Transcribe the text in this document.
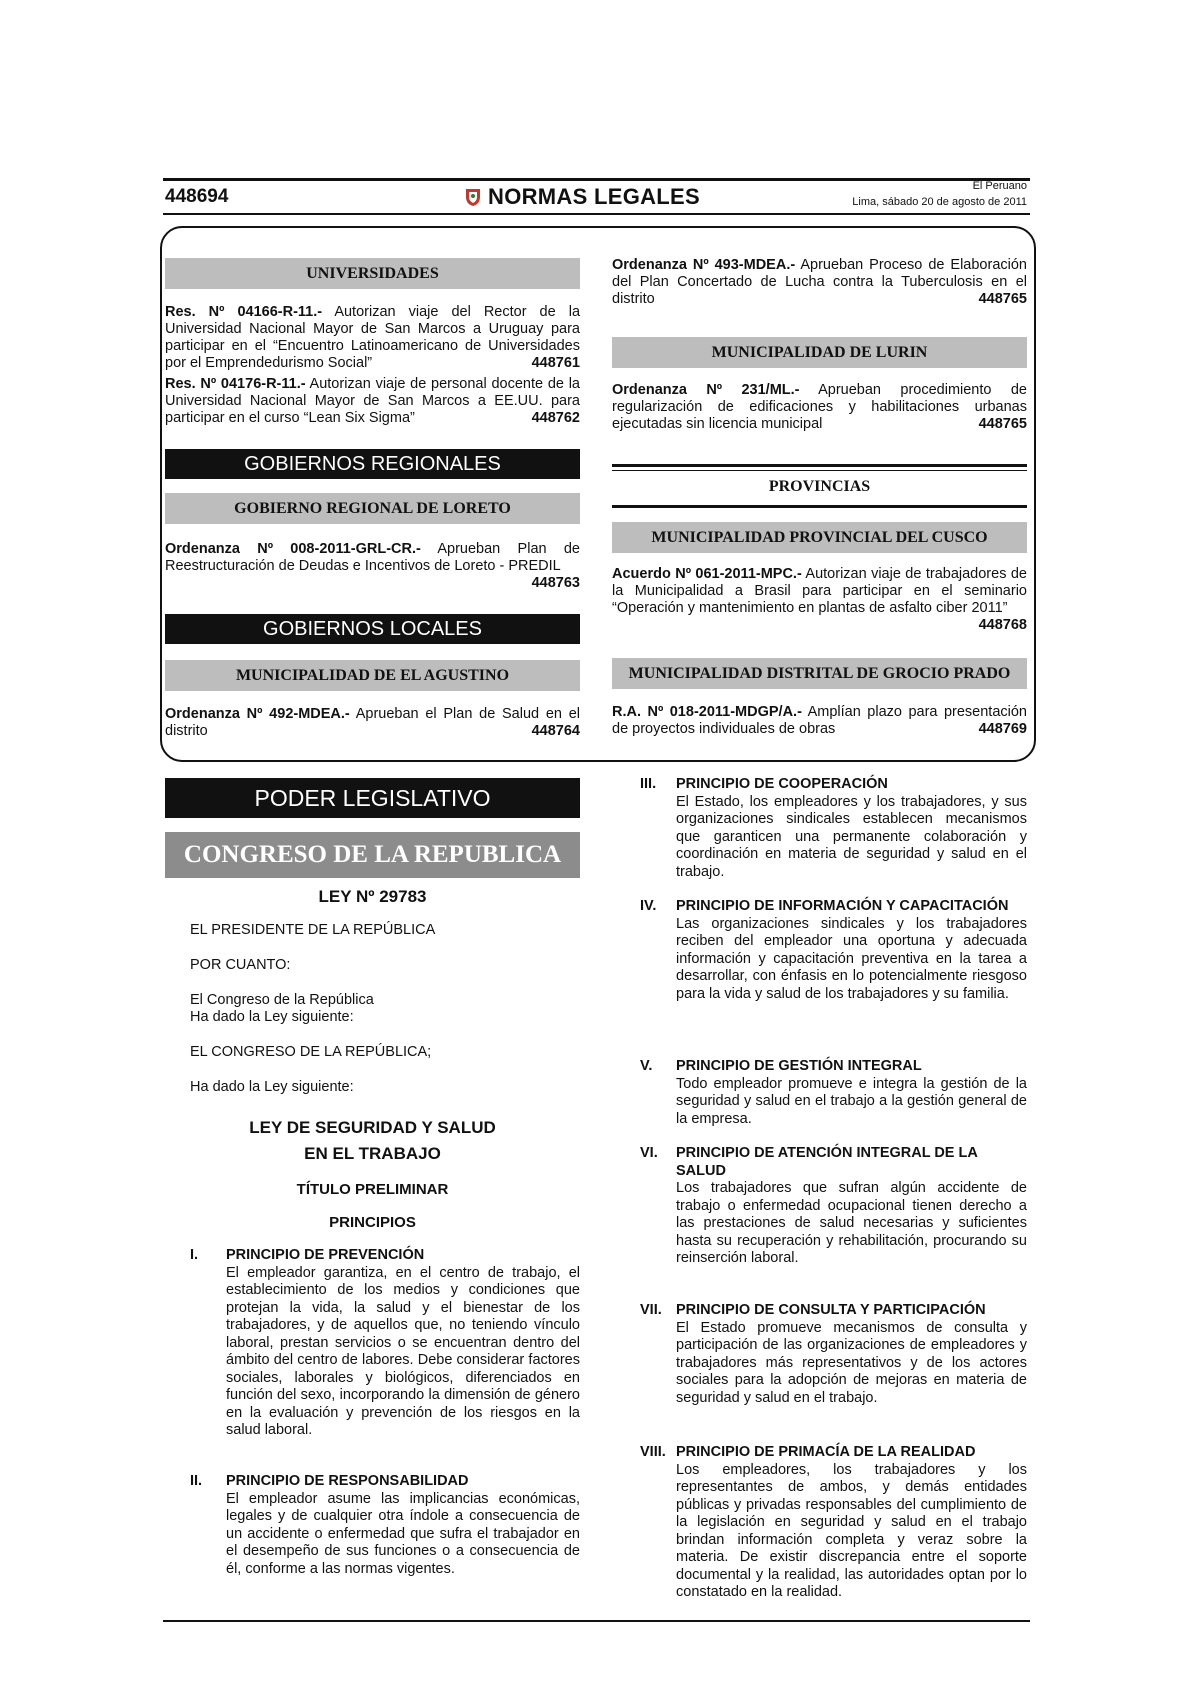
448694	NORMAS LEGALES	El Peruano
Lima, sábado 20 de agosto de 2011
UNIVERSIDADES
Res. Nº 04166-R-11.- Autorizan viaje del Rector de la Universidad Nacional Mayor de San Marcos a Uruguay para participar en el “Encuentro Latinoamericano de Universidades por el Emprendedurismo Social”	448761
Res. Nº 04176-R-11.- Autorizan viaje de personal docente de la Universidad Nacional Mayor de San Marcos a EE.UU. para participar en el curso “Lean Six Sigma”	448762
GOBIERNOS REGIONALES
GOBIERNO REGIONAL DE LORETO
Ordenanza Nº 008-2011-GRL-CR.- Aprueban Plan de Reestructuración de Deudas e Incentivos de Loreto - PREDIL
448763
GOBIERNOS LOCALES
MUNICIPALIDAD DE EL AGUSTINO
Ordenanza Nº 492-MDEA.- Aprueban el Plan de Salud en el distrito	448764
Ordenanza Nº 493-MDEA.- Aprueban Proceso de Elaboración del Plan Concertado de Lucha contra la Tuberculosis en el distrito	448765
MUNICIPALIDAD DE LURIN
Ordenanza Nº 231/ML.- Aprueban procedimiento de regularización de edificaciones y habilitaciones urbanas ejecutadas sin licencia municipal	448765
PROVINCIAS
MUNICIPALIDAD PROVINCIAL DEL CUSCO
Acuerdo Nº 061-2011-MPC.- Autorizan viaje de trabajadores de la Municipalidad a Brasil para participar en el seminario “Operación y mantenimiento en plantas de asfalto ciber 2011”
448768
MUNICIPALIDAD DISTRITAL DE GROCIO PRADO
R.A. Nº 018-2011-MDGP/A.- Amplían plazo para presentación de proyectos individuales de obras	448769
PODER LEGISLATIVO
CONGRESO DE LA REPUBLICA
LEY Nº 29783
EL PRESIDENTE DE LA REPÚBLICA
POR CUANTO:
El Congreso de la República
Ha dado la Ley siguiente:
EL CONGRESO DE LA REPÚBLICA;
Ha dado la Ley siguiente:
LEY DE SEGURIDAD Y SALUD
EN EL TRABAJO
TÍTULO PRELIMINAR
PRINCIPIOS
I. PRINCIPIO DE PREVENCIÓN
El empleador garantiza, en el centro de trabajo, el establecimiento de los medios y condiciones que protejan la vida, la salud y el bienestar de los trabajadores, y de aquellos que, no teniendo vínculo laboral, prestan servicios o se encuentran dentro del ámbito del centro de labores. Debe considerar factores sociales, laborales y biológicos, diferenciados en función del sexo, incorporando la dimensión de género en la evaluación y prevención de los riesgos en la salud laboral.
II. PRINCIPIO DE RESPONSABILIDAD
El empleador asume las implicancias económicas, legales y de cualquier otra índole a consecuencia de un accidente o enfermedad que sufra el trabajador en el desempeño de sus funciones o a consecuencia de él, conforme a las normas vigentes.
III. PRINCIPIO DE COOPERACIÓN
El Estado, los empleadores y los trabajadores, y sus organizaciones sindicales establecen mecanismos que garanticen una permanente colaboración y coordinación en materia de seguridad y salud en el trabajo.
IV. PRINCIPIO DE INFORMACIÓN Y CAPACITACIÓN
Las organizaciones sindicales y los trabajadores reciben del empleador una oportuna y adecuada información y capacitación preventiva en la tarea a desarrollar, con énfasis en lo potencialmente riesgoso para la vida y salud de los trabajadores y su familia.
V. PRINCIPIO DE GESTIÓN INTEGRAL
Todo empleador promueve e integra la gestión de la seguridad y salud en el trabajo a la gestión general de la empresa.
VI. PRINCIPIO DE ATENCIÓN INTEGRAL DE LA SALUD
Los trabajadores que sufran algún accidente de trabajo o enfermedad ocupacional tienen derecho a las prestaciones de salud necesarias y suficientes hasta su recuperación y rehabilitación, procurando su reinserción laboral.
VII. PRINCIPIO DE CONSULTA Y PARTICIPACIÓN
El Estado promueve mecanismos de consulta y participación de las organizaciones de empleadores y trabajadores más representativos y de los actores sociales para la adopción de mejoras en materia de seguridad y salud en el trabajo.
VIII. PRINCIPIO DE PRIMACÍA DE LA REALIDAD
Los empleadores, los trabajadores y los representantes de ambos, y demás entidades públicas y privadas responsables del cumplimiento de la legislación en seguridad y salud en el trabajo brindan información completa y veraz sobre la materia. De existir discrepancia entre el soporte documental y la realidad, las autoridades optan por lo constatado en la realidad.
